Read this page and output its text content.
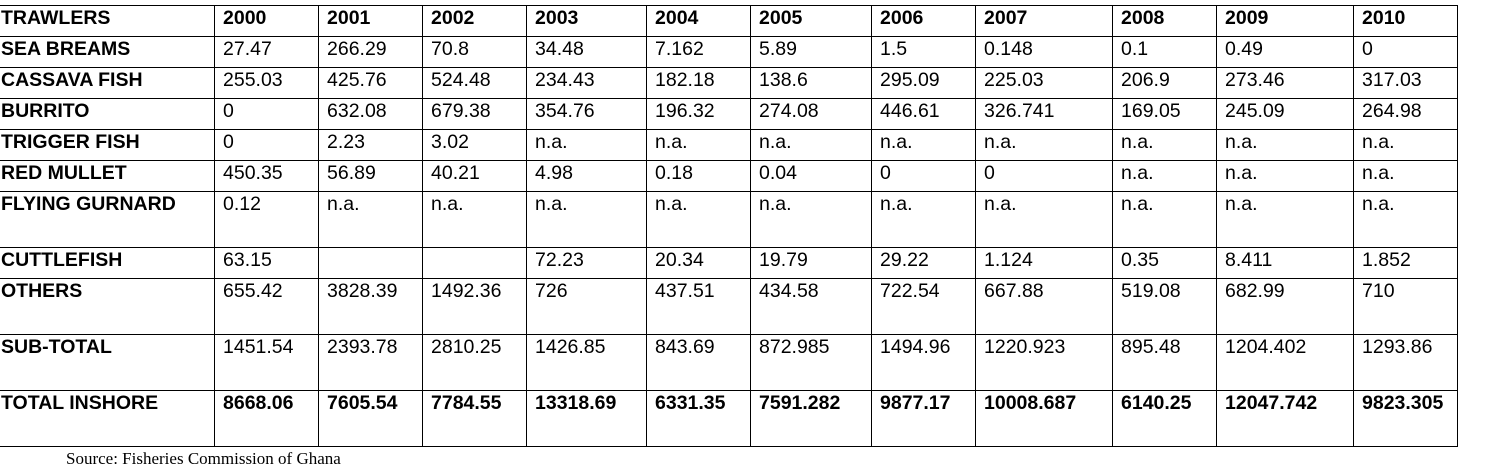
TRAWLERS	2000	2001	2002	2003	2004	2005	2006	2007	2008	2009	2010
SEA BREAMS	27.47	266.29	70.8	34.48	7.162	5.89	1.5	0.148	0.1	0.49	0
CASSAVA FISH	255.03	425.76	524.48	234.43	182.18	138.6	295.09	225.03	206.9	273.46	317.03
BURRITO	0	632.08	679.38	354.76	196.32	274.08	446.61	326.741	169.05	245.09	264.98
TRIGGER FISH	0	2.23	3.02	n.a.	n.a.	n.a.	n.a.	n.a.	n.a.	n.a.	n.a.
RED MULLET	450.35	56.89	40.21	4.98	0.18	0.04	0	0	n.a.	n.a.	n.a.
FLYING GURNARD	0.12	n.a.	n.a.	n.a.	n.a.	n.a.	n.a.	n.a.	n.a.	n.a.	n.a.
CUTTLEFISH	63.15			72.23	20.34	19.79	29.22	1.124	0.35	8.411	1.852
OTHERS	655.42	3828.39	1492.36	726	437.51	434.58	722.54	667.88	519.08	682.99	710
SUB-TOTAL	1451.54	2393.78	2810.25	1426.85	843.69	872.985	1494.96	1220.923	895.48	1204.402	1293.86
TOTAL INSHORE	8668.06	7605.54	7784.55	13318.69	6331.35	7591.282	9877.17	10008.687	6140.25	12047.742	9823.305
Source: Fisheries Commission of Ghana
